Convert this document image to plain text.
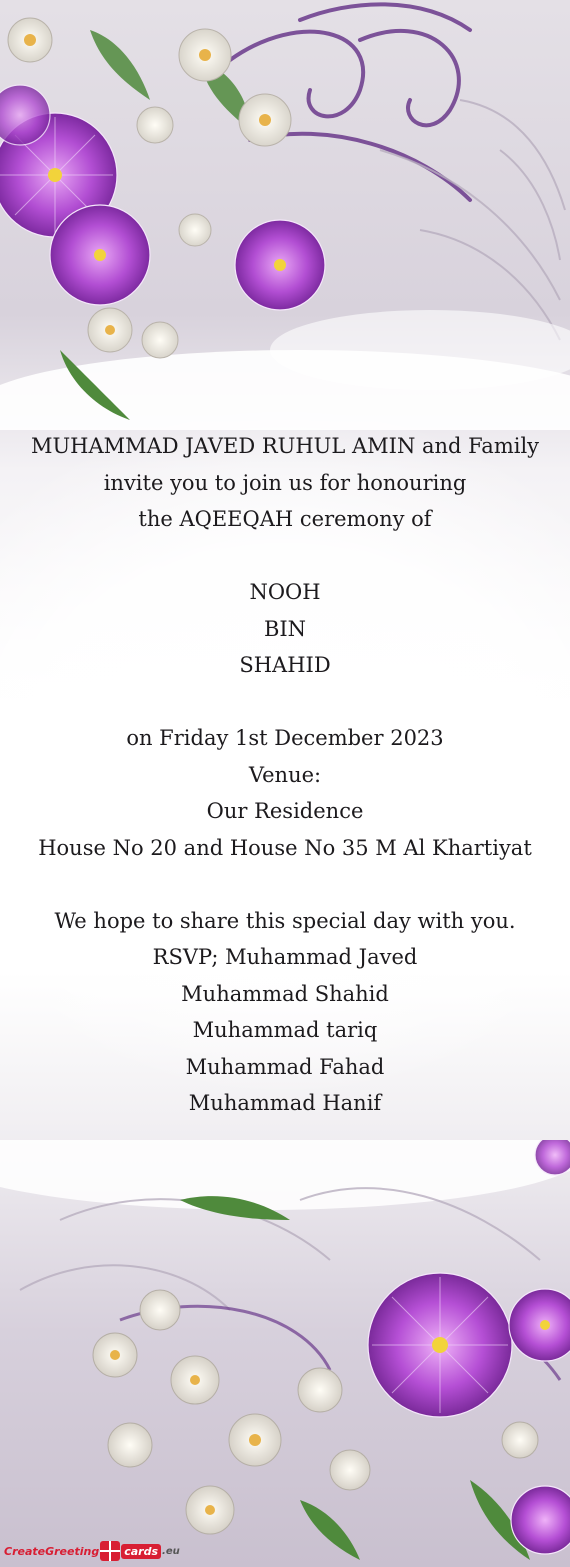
MUHAMMAD JAVED RUHUL AMIN and Family
invite you to join us for honouring
the AQEEQAH ceremony of
NOOH
BIN
SHAHID
on Friday 1st December 2023
Venue:
Our Residence
House No 20 and House No 35 M Al Khartiyat
We hope to share this special day with you.
RSVP; Muhammad Javed
Muhammad Shahid
Muhammad tariq
Muhammad Fahad
Muhammad Hanif
CreateGreeting cards .eu
